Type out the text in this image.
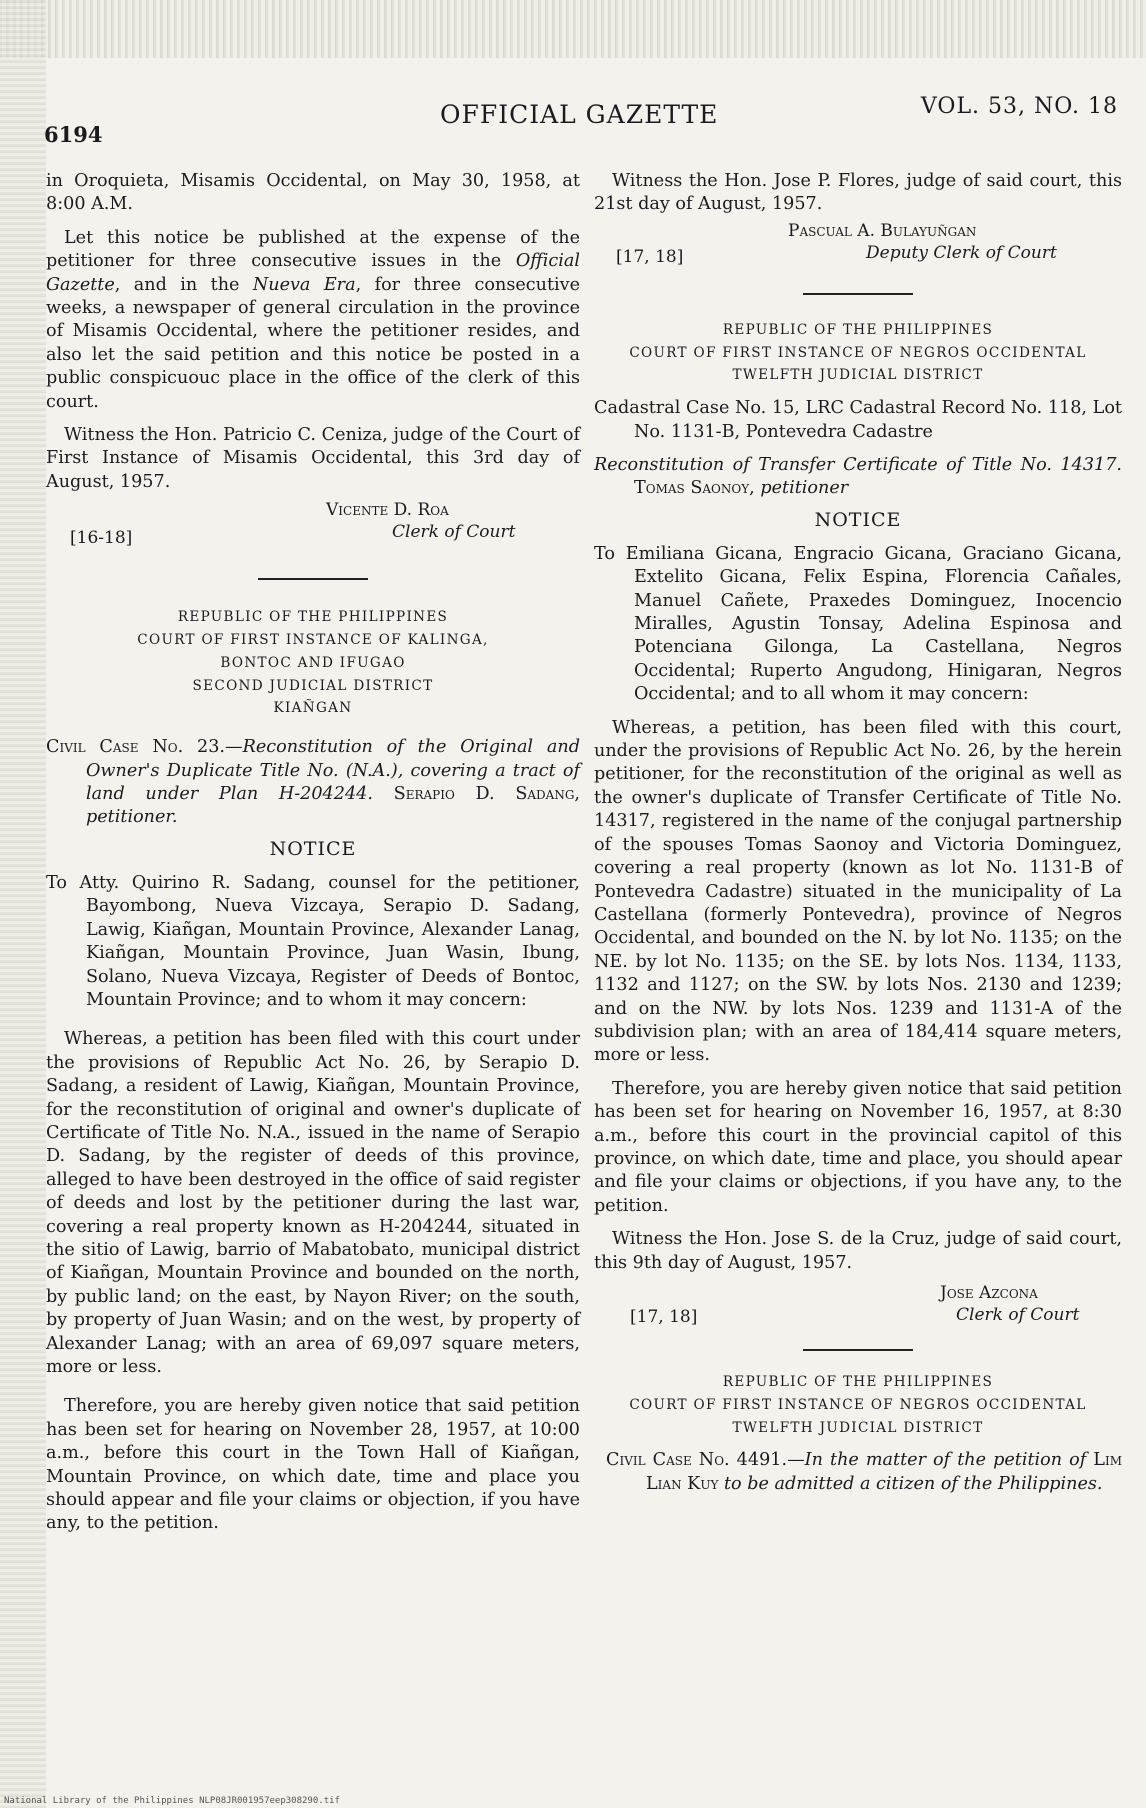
6194
OFFICIAL GAZETTE	VOL. 53, NO. 18

in Oroquieta, Misamis Occidental, on May 30, 1958, at 8:00 A.M.

Let this notice be published at the expense of the petitioner for three consecutive issues in the Official Gazette, and in the Nueva Era, for three consecutive weeks, a newspaper of general circulation in the province of Misamis Occidental, where the petitioner resides, and also let the said petition and this notice be posted in a public conspicuouc place in the office of the clerk of this court.

Witness the Hon. Patricio C. Ceniza, judge of the Court of First Instance of Misamis Occidental, this 3rd day of August, 1957.

Vicente D. Roa
[16-18]	Clerk of Court
REPUBLIC OF THE PHILIPPINES
COURT OF FIRST INSTANCE OF KALINGA,
BONTOC AND IFUGAO
SECOND JUDICIAL DISTRICT
KIAÑGAN

Civil Case No. 23.—Reconstitution of the Original and Owner's Duplicate Title No. (N.A.), covering a tract of land under Plan H-204244. Serapio D. Sadang, petitioner.

NOTICE

To Atty. Quirino R. Sadang, counsel for the petitioner, Bayombong, Nueva Vizcaya, Serapio D. Sadang, Lawig, Kiañgan, Mountain Province, Alexander Lanag, Kiañgan, Mountain Province, Juan Wasin, Ibung, Solano, Nueva Vizcaya, Register of Deeds of Bontoc, Mountain Province; and to whom it may concern:

Whereas, a petition has been filed with this court under the provisions of Republic Act No. 26, by Serapio D. Sadang, a resident of Lawig, Kiañgan, Mountain Province, for the reconstitution of original and owner's duplicate of Certificate of Title No. N.A., issued in the name of Serapio D. Sadang, by the register of deeds of this province, alleged to have been destroyed in the office of said register of deeds and lost by the petitioner during the last war, covering a real property known as H-204244, situated in the sitio of Lawig, barrio of Mabatobato, municipal district of Kiañgan, Mountain Province and bounded on the north, by public land; on the east, by Nayon River; on the south, by property of Juan Wasin; and on the west, by property of Alexander Lanag; with an area of 69,097 square meters, more or less.

Therefore, you are hereby given notice that said petition has been set for hearing on November 28, 1957, at 10:00 a.m., before this court in the Town Hall of Kiañgan, Mountain Province, on which date, time and place you should appear and file your claims or objection, if you have any, to the petition.

Witness the Hon. Jose P. Flores, judge of said court, this 21st day of August, 1957.

Pascual A. Bulayuñgan
[17, 18]	Deputy Clerk of Court
REPUBLIC OF THE PHILIPPINES
COURT OF FIRST INSTANCE OF NEGROS OCCIDENTAL
TWELFTH JUDICIAL DISTRICT

Cadastral Case No. 15, LRC Cadastral Record No. 118, Lot No. 1131-B, Pontevedra Cadastre

Reconstitution of Transfer Certificate of Title No. 14317. Tomas Saonoy, petitioner

NOTICE

To Emiliana Gicana, Engracio Gicana, Graciano Gicana, Extelito Gicana, Felix Espina, Florencia Cañales, Manuel Cañete, Praxedes Dominguez, Inocencio Miralles, Agustin Tonsay, Adelina Espinosa and Potenciana Gilonga, La Castellana, Negros Occidental; Ruperto Angudong, Hinigaran, Negros Occidental; and to all whom it may concern:

Whereas, a petition, has been filed with this court, under the provisions of Republic Act No. 26, by the herein petitioner, for the reconstitution of the original as well as the owner's duplicate of Transfer Certificate of Title No. 14317, registered in the name of the conjugal partnership of the spouses Tomas Saonoy and Victoria Dominguez, covering a real property (known as lot No. 1131-B of Pontevedra Cadastre) situated in the municipality of La Castellana (formerly Pontevedra), province of Negros Occidental, and bounded on the N. by lot No. 1135; on the NE. by lot No. 1135; on the SE. by lots Nos. 1134, 1133, 1132 and 1127; on the SW. by lots Nos. 2130 and 1239; and on the NW. by lots Nos. 1239 and 1131-A of the subdivision plan; with an area of 184,414 square meters, more or less.

Therefore, you are hereby given notice that said petition has been set for hearing on November 16, 1957, at 8:30 a.m., before this court in the provincial capitol of this province, on which date, time and place, you should apear and file your claims or objections, if you have any, to the petition.

Witness the Hon. Jose S. de la Cruz, judge of said court, this 9th day of August, 1957.

Jose Azcona
[17, 18]	Clerk of Court
REPUBLIC OF THE PHILIPPINES
COURT OF FIRST INSTANCE OF NEGROS OCCIDENTAL
TWELFTH JUDICIAL DISTRICT

Civil Case No. 4491.—In the matter of the petition of Lim Lian Kuy to be admitted a citizen of the Philippines.

National Library of the Philippines NLP08JR001957eep308290.tif
